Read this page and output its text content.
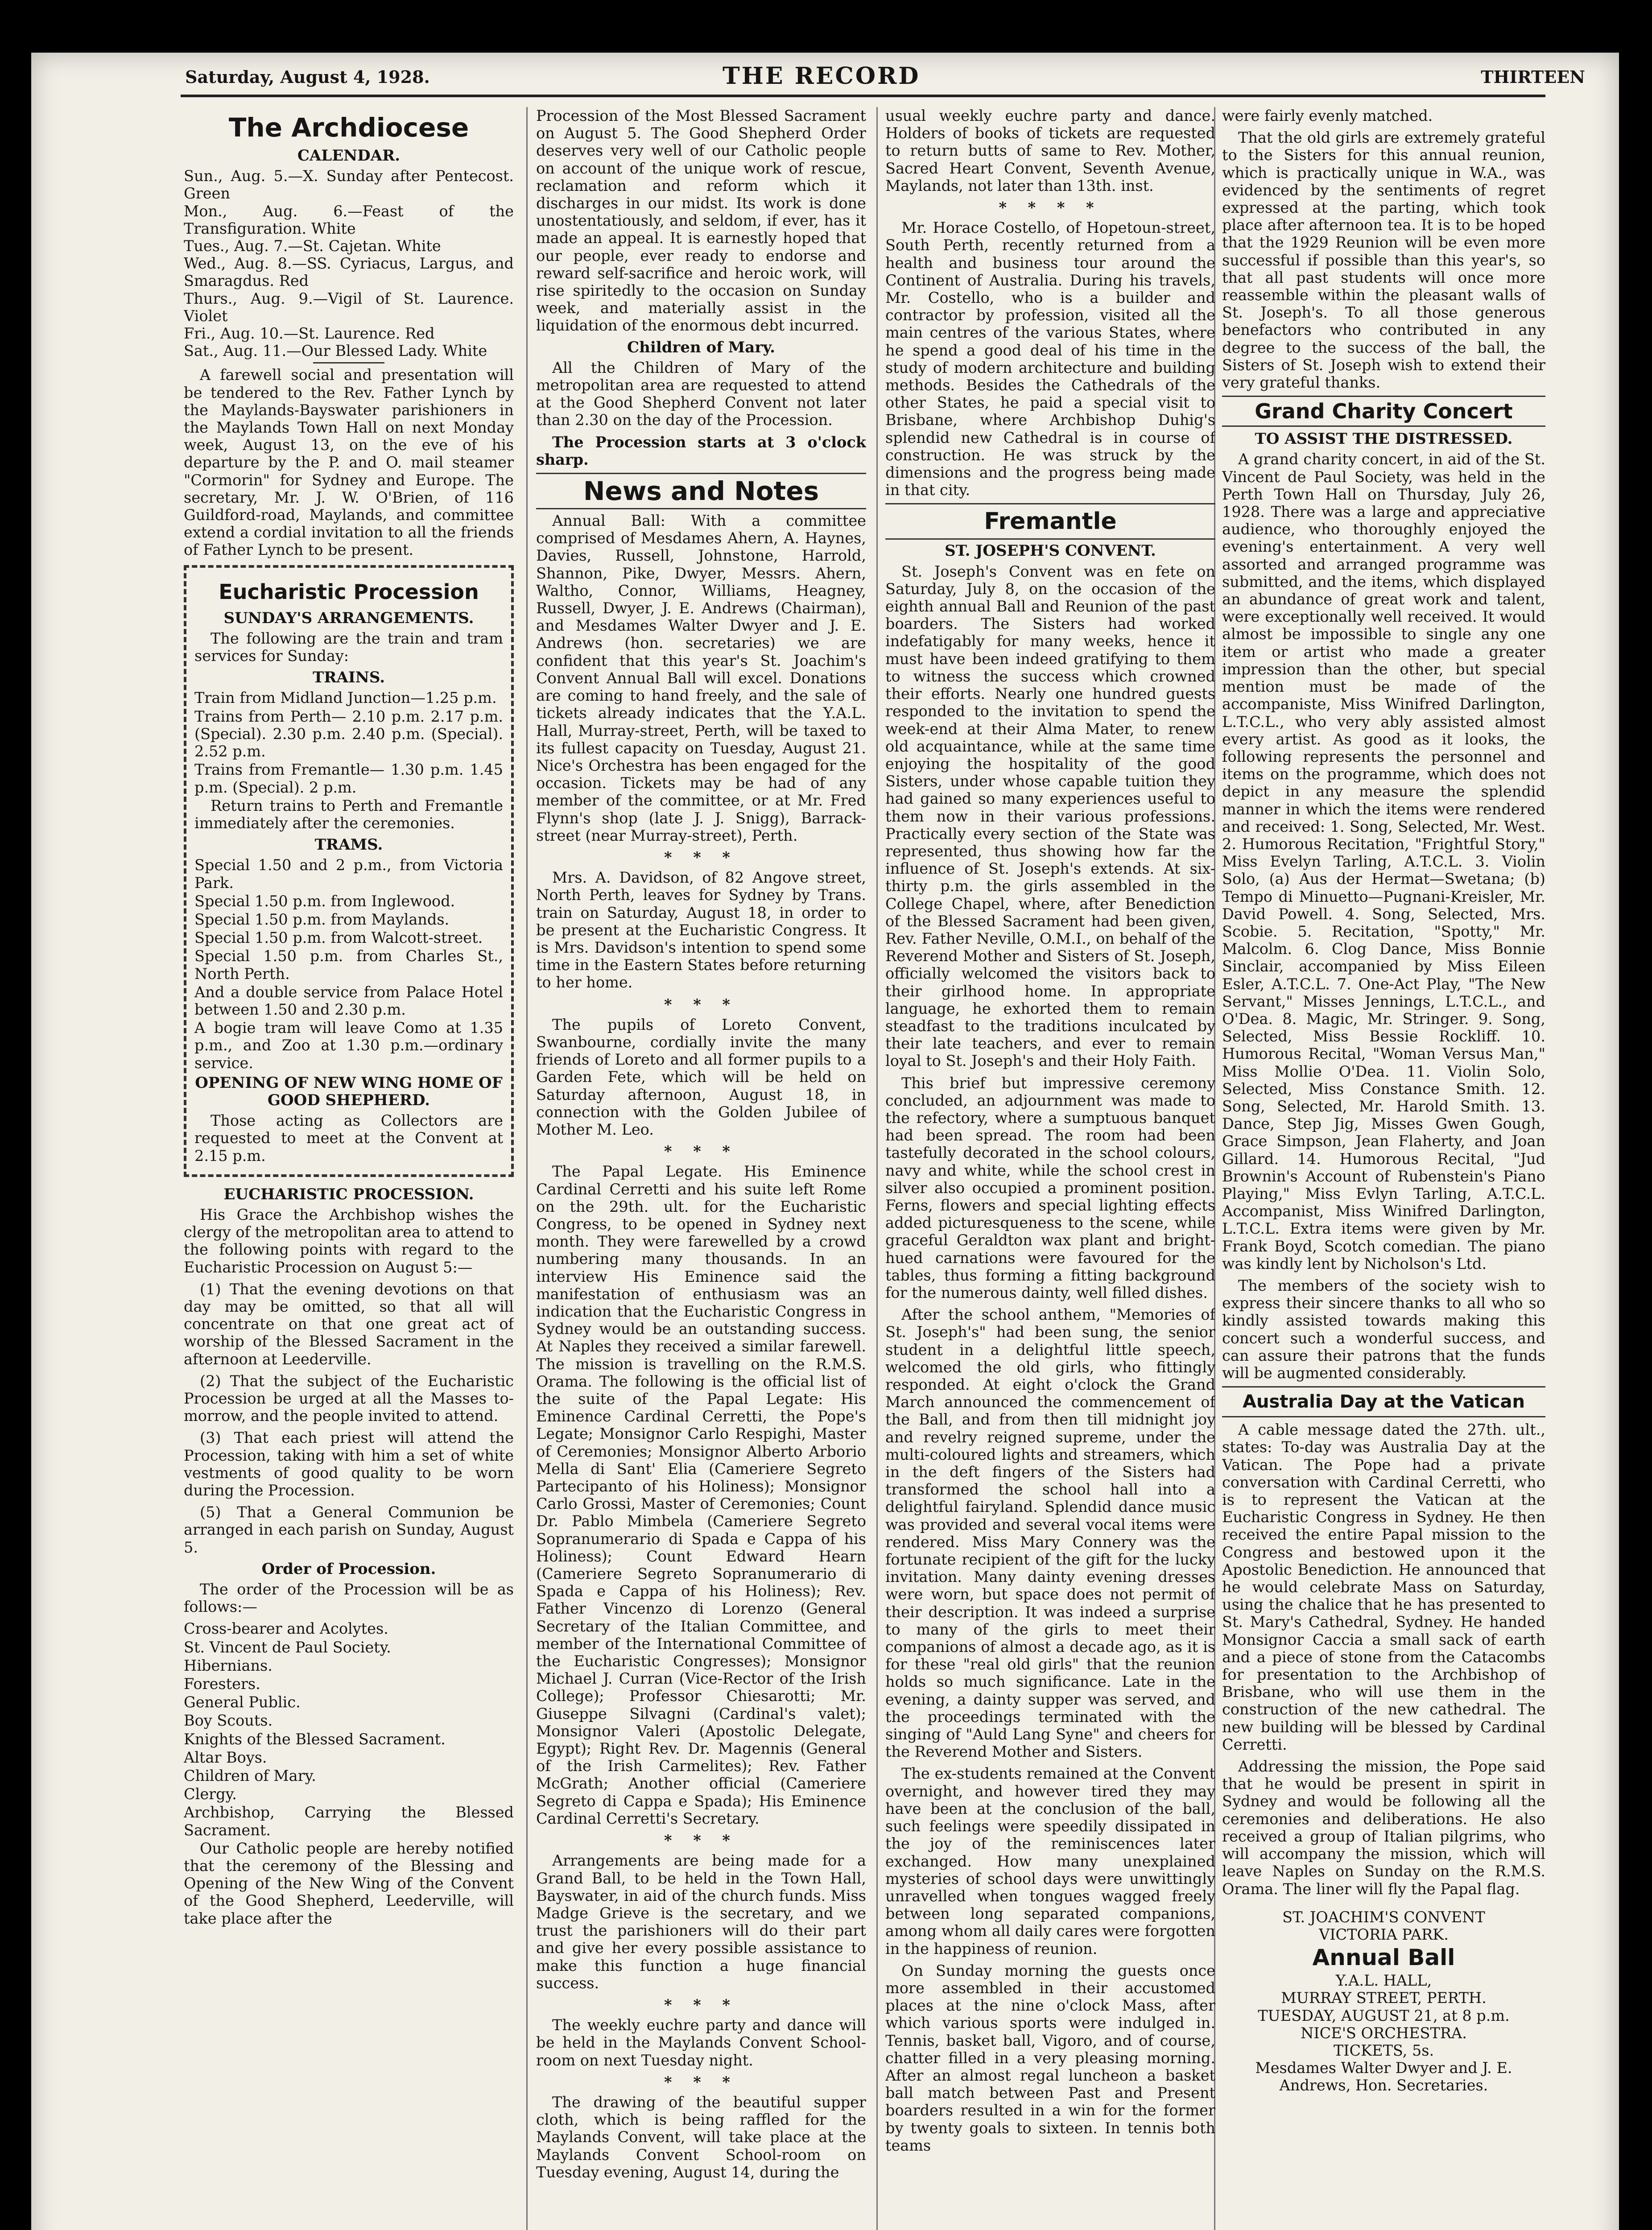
Saturday, August 4, 1928.	THE RECORD	THIRTEEN
The Archdiocese
CALENDAR.
Sun., Aug. 5.—X. Sunday after Pentecost. Green
Mon., Aug. 6.—Feast of the Transfiguration. White
Tues., Aug. 7.—St. Cajetan. White
Wed., Aug. 8.—SS. Cyriacus, Largus, and Smaragdus. Red
Thurs., Aug. 9.—Vigil of St. Laurence. Violet
Fri., Aug. 10.—St. Laurence. Red
Sat., Aug. 11.—Our Blessed Lady. White

A farewell social and presentation will be tendered to the Rev. Father Lynch by the Maylands-Bayswater parishioners in the Maylands Town Hall on next Monday week, August 13, on the eve of his departure by the P. and O. mail steamer "Cormorin" for Sydney and Europe. The secretary, Mr. J. W. O'Brien, of 116 Guildford-road, Maylands, and committee extend a cordial invitation to all the friends of Father Lynch to be present.

Eucharistic Procession
SUNDAY'S ARRANGEMENTS.

The following are the train and tram services for Sunday:

TRAINS.

Train from Midland Junction—1.25 p.m.

Trains from Perth— 2.10 p.m. 2.17 p.m. (Special). 2.30 p.m. 2.40 p.m. (Special). 2.52 p.m.

Trains from Fremantle— 1.30 p.m. 1.45 p.m. (Special). 2 p.m.

Return trains to Perth and Fremantle immediately after the ceremonies.

TRAMS.

Special 1.50 and 2 p.m., from Victoria Park.

Special 1.50 p.m. from Inglewood.

Special 1.50 p.m. from Maylands.

Special 1.50 p.m. from Walcott-street.

Special 1.50 p.m. from Charles St., North Perth.

And a double service from Palace Hotel between 1.50 and 2.30 p.m.

A bogie tram will leave Como at 1.35 p.m., and Zoo at 1.30 p.m.—ordinary service.

OPENING OF NEW WING HOME OF GOOD SHEPHERD.

Those acting as Collectors are requested to meet at the Convent at 2.15 p.m.

EUCHARISTIC PROCESSION.

His Grace the Archbishop wishes the clergy of the metropolitan area to attend to the following points with regard to the Eucharistic Procession on August 5:—

(1) That the evening devotions on that day may be omitted, so that all will concentrate on that one great act of worship of the Blessed Sacrament in the afternoon at Leederville.

(2) That the subject of the Eucharistic Procession be urged at all the Masses to-morrow, and the people invited to attend.

(3) That each priest will attend the Procession, taking with him a set of white vestments of good quality to be worn during the Procession.

(5) That a General Communion be arranged in each parish on Sunday, August 5.

Order of Procession.

The order of the Procession will be as follows:—

Cross-bearer and Acolytes.

St. Vincent de Paul Society.

Hibernians.

Foresters.

General Public.

Boy Scouts.

Knights of the Blessed Sacrament.

Altar Boys.

Children of Mary.

Clergy.

Archbishop, Carrying the Blessed Sacrament.

Our Catholic people are hereby notified that the ceremony of the Blessing and Opening of the New Wing of the Convent of the Good Shepherd, Leederville, will take place after the

Procession of the Most Blessed Sacrament on August 5. The Good Shepherd Order deserves very well of our Catholic people on account of the unique work of rescue, reclamation and reform which it discharges in our midst. Its work is done unostentatiously, and seldom, if ever, has it made an appeal. It is earnestly hoped that our people, ever ready to endorse and reward self-sacrifice and heroic work, will rise spiritedly to the occasion on Sunday week, and materially assist in the liquidation of the enormous debt incurred.

Children of Mary.

All the Children of Mary of the metropolitan area are requested to attend at the Good Shepherd Convent not later than 2.30 on the day of the Procession.

The Procession starts at 3 o'clock sharp.

News and Notes

Annual Ball: With a committee comprised of Mesdames Ahern, A. Haynes, Davies, Russell, Johnstone, Harrold, Shannon, Pike, Dwyer, Messrs. Ahern, Waltho, Connor, Williams, Heagney, Russell, Dwyer, J. E. Andrews (Chairman), and Mesdames Walter Dwyer and J. E. Andrews (hon. secretaries) we are confident that this year's St. Joachim's Convent Annual Ball will excel. Donations are coming to hand freely, and the sale of tickets already indicates that the Y.A.L. Hall, Murray-street, Perth, will be taxed to its fullest capacity on Tuesday, August 21. Nice's Orchestra has been engaged for the occasion. Tickets may be had of any member of the committee, or at Mr. Fred Flynn's shop (late J. J. Snigg), Barrack-street (near Murray-street), Perth.

* * *

Mrs. A. Davidson, of 82 Angove street, North Perth, leaves for Sydney by Trans. train on Saturday, August 18, in order to be present at the Eucharistic Congress. It is Mrs. Davidson's intention to spend some time in the Eastern States before returning to her home.

* * *

The pupils of Loreto Convent, Swanbourne, cordially invite the many friends of Loreto and all former pupils to a Garden Fete, which will be held on Saturday afternoon, August 18, in connection with the Golden Jubilee of Mother M. Leo.

* * *

The Papal Legate. His Eminence Cardinal Cerretti and his suite left Rome on the 29th. ult. for the Eucharistic Congress, to be opened in Sydney next month. They were farewelled by a crowd numbering many thousands. In an interview His Eminence said the manifestation of enthusiasm was an indication that the Eucharistic Congress in Sydney would be an outstanding success. At Naples they received a similar farewell. The mission is travelling on the R.M.S. Orama. The following is the official list of the suite of the Papal Legate: His Eminence Cardinal Cerretti, the Pope's Legate; Monsignor Carlo Respighi, Master of Ceremonies; Monsignor Alberto Arborio Mella di Sant' Elia (Cameriere Segreto Partecipanto of his Holiness); Monsignor Carlo Grossi, Master of Ceremonies; Count Dr. Pablo Mimbela (Cameriere Segreto Sopranumerario di Spada e Cappa of his Holiness); Count Edward Hearn (Cameriere Segreto Sopranumerario di Spada e Cappa of his Holiness); Rev. Father Vincenzo di Lorenzo (General Secretary of the Italian Committee, and member of the International Committee of the Eucharistic Congresses); Monsignor Michael J. Curran (Vice-Rector of the Irish College); Professor Chiesarotti; Mr. Giuseppe Silvagni (Cardinal's valet); Monsignor Valeri (Apostolic Delegate, Egypt); Right Rev. Dr. Magennis (General of the Irish Carmelites); Rev. Father McGrath; Another official (Cameriere Segreto di Cappa e Spada); His Eminence Cardinal Cerretti's Secretary.

* * *

Arrangements are being made for a Grand Ball, to be held in the Town Hall, Bayswater, in aid of the church funds. Miss Madge Grieve is the secretary, and we trust the parishioners will do their part and give her every possible assistance to make this function a huge financial success.

* * *

The weekly euchre party and dance will be held in the Maylands Convent School-room on next Tuesday night.

* * *

The drawing of the beautiful supper cloth, which is being raffled for the Maylands Convent, will take place at the Maylands Convent School-room on Tuesday evening, August 14, during the

usual weekly euchre party and dance. Holders of books of tickets are requested to return butts of same to Rev. Mother, Sacred Heart Convent, Seventh Avenue, Maylands, not later than 13th. inst.

* * * *

Mr. Horace Costello, of Hopetoun-street, South Perth, recently returned from a health and business tour around the Continent of Australia. During his travels, Mr. Costello, who is a builder and contractor by profession, visited all the main centres of the various States, where he spend a good deal of his time in the study of modern architecture and building methods. Besides the Cathedrals of the other States, he paid a special visit to Brisbane, where Archbishop Duhig's splendid new Cathedral is in course of construction. He was struck by the dimensions and the progress being made in that city.

Fremantle
ST. JOSEPH'S CONVENT.

St. Joseph's Convent was en fete on Saturday, July 8, on the occasion of the eighth annual Ball and Reunion of the past boarders. The Sisters had worked indefatigably for many weeks, hence it must have been indeed gratifying to them to witness the success which crowned their efforts. Nearly one hundred guests responded to the invitation to spend the week-end at their Alma Mater, to renew old acquaintance, while at the same time enjoying the hospitality of the good Sisters, under whose capable tuition they had gained so many experiences useful to them now in their various professions. Practically every section of the State was represented, thus showing how far the influence of St. Joseph's extends. At six-thirty p.m. the girls assembled in the College Chapel, where, after Benediction of the Blessed Sacrament had been given, Rev. Father Neville, O.M.I., on behalf of the Reverend Mother and Sisters of St. Joseph, officially welcomed the visitors back to their girlhood home. In appropriate language, he exhorted them to remain steadfast to the traditions inculcated by their late teachers, and ever to remain loyal to St. Joseph's and their Holy Faith.

This brief but impressive ceremony concluded, an adjournment was made to the refectory, where a sumptuous banquet had been spread. The room had been tastefully decorated in the school colours, navy and white, while the school crest in silver also occupied a prominent position. Ferns, flowers and special lighting effects added picturesqueness to the scene, while graceful Geraldton wax plant and bright-hued carnations were favoured for the tables, thus forming a fitting background for the numerous dainty, well filled dishes.

After the school anthem, "Memories of St. Joseph's" had been sung, the senior student in a delightful little speech, welcomed the old girls, who fittingly responded. At eight o'clock the Grand March announced the commencement of the Ball, and from then till midnight joy and revelry reigned supreme, under the multi-coloured lights and streamers, which in the deft fingers of the Sisters had transformed the school hall into a delightful fairyland. Splendid dance music was provided and several vocal items were rendered. Miss Mary Connery was the fortunate recipient of the gift for the lucky invitation. Many dainty evening dresses were worn, but space does not permit of their description. It was indeed a surprise to many of the girls to meet their companions of almost a decade ago, as it is for these "real old girls" that the reunion holds so much significance. Late in the evening, a dainty supper was served, and the proceedings terminated with the singing of "Auld Lang Syne" and cheers for the Reverend Mother and Sisters.

The ex-students remained at the Convent overnight, and however tired they may have been at the conclusion of the ball, such feelings were speedily dissipated in the joy of the reminiscences later exchanged. How many unexplained mysteries of school days were unwittingly unravelled when tongues wagged freely between long separated companions, among whom all daily cares were forgotten in the happiness of reunion.

On Sunday morning the guests once more assembled in their accustomed places at the nine o'clock Mass, after which various sports were indulged in. Tennis, basket ball, Vigoro, and of course, chatter filled in a very pleasing morning. After an almost regal luncheon a basket ball match between Past and Present boarders resulted in a win for the former by twenty goals to sixteen. In tennis both teams

were fairly evenly matched.

That the old girls are extremely grateful to the Sisters for this annual reunion, which is practically unique in W.A., was evidenced by the sentiments of regret expressed at the parting, which took place after afternoon tea. It is to be hoped that the 1929 Reunion will be even more successful if possible than this year's, so that all past students will once more reassemble within the pleasant walls of St. Joseph's. To all those generous benefactors who contributed in any degree to the success of the ball, the Sisters of St. Joseph wish to extend their very grateful thanks.

Grand Charity Concert
TO ASSIST THE DISTRESSED.

A grand charity concert, in aid of the St. Vincent de Paul Society, was held in the Perth Town Hall on Thursday, July 26, 1928. There was a large and appreciative audience, who thoroughly enjoyed the evening's entertainment. A very well assorted and arranged programme was submitted, and the items, which displayed an abundance of great work and talent, were exceptionally well received. It would almost be impossible to single any one item or artist who made a greater impression than the other, but special mention must be made of the accompaniste, Miss Winifred Darlington, L.T.C.L., who very ably assisted almost every artist. As good as it looks, the following represents the personnel and items on the programme, which does not depict in any measure the splendid manner in which the items were rendered and received: 1. Song, Selected, Mr. West. 2. Humorous Recitation, "Frightful Story," Miss Evelyn Tarling, A.T.C.L. 3. Violin Solo, (a) Aus der Hermat—Swetana; (b) Tempo di Minuetto—Pugnani-Kreisler, Mr. David Powell. 4. Song, Selected, Mrs. Scobie. 5. Recitation, "Spotty," Mr. Malcolm. 6. Clog Dance, Miss Bonnie Sinclair, accompanied by Miss Eileen Esler, A.T.C.L. 7. One-Act Play, "The New Servant," Misses Jennings, L.T.C.L., and O'Dea. 8. Magic, Mr. Stringer. 9. Song, Selected, Miss Bessie Rockliff. 10. Humorous Recital, "Woman Versus Man," Miss Mollie O'Dea. 11. Violin Solo, Selected, Miss Constance Smith. 12. Song, Selected, Mr. Harold Smith. 13. Dance, Step Jig, Misses Gwen Gough, Grace Simpson, Jean Flaherty, and Joan Gillard. 14. Humorous Recital, "Jud Brownin's Account of Rubenstein's Piano Playing," Miss Evlyn Tarling, A.T.C.L. Accompanist, Miss Winifred Darlington, L.T.C.L. Extra items were given by Mr. Frank Boyd, Scotch comedian. The piano was kindly lent by Nicholson's Ltd.

The members of the society wish to express their sincere thanks to all who so kindly assisted towards making this concert such a wonderful success, and can assure their patrons that the funds will be augmented considerably.

Australia Day at the Vatican

A cable message dated the 27th. ult., states: To-day was Australia Day at the Vatican. The Pope had a private conversation with Cardinal Cerretti, who is to represent the Vatican at the Eucharistic Congress in Sydney. He then received the entire Papal mission to the Congress and bestowed upon it the Apostolic Benediction. He announced that he would celebrate Mass on Saturday, using the chalice that he has presented to St. Mary's Cathedral, Sydney. He handed Monsignor Caccia a small sack of earth and a piece of stone from the Catacombs for presentation to the Archbishop of Brisbane, who will use them in the construction of the new cathedral. The new building will be blessed by Cardinal Cerretti.

Addressing the mission, the Pope said that he would be present in spirit in Sydney and would be following all the ceremonies and deliberations. He also received a group of Italian pilgrims, who will accompany the mission, which will leave Naples on Sunday on the R.M.S. Orama. The liner will fly the Papal flag.

ST. JOACHIM'S CONVENT
VICTORIA PARK.
Annual Ball
Y.A.L. HALL,
MURRAY STREET, PERTH.
TUESDAY, AUGUST 21, at 8 p.m.
NICE'S ORCHESTRA.
TICKETS, 5s.
Mesdames Walter Dwyer and J. E. Andrews, Hon. Secretaries.
